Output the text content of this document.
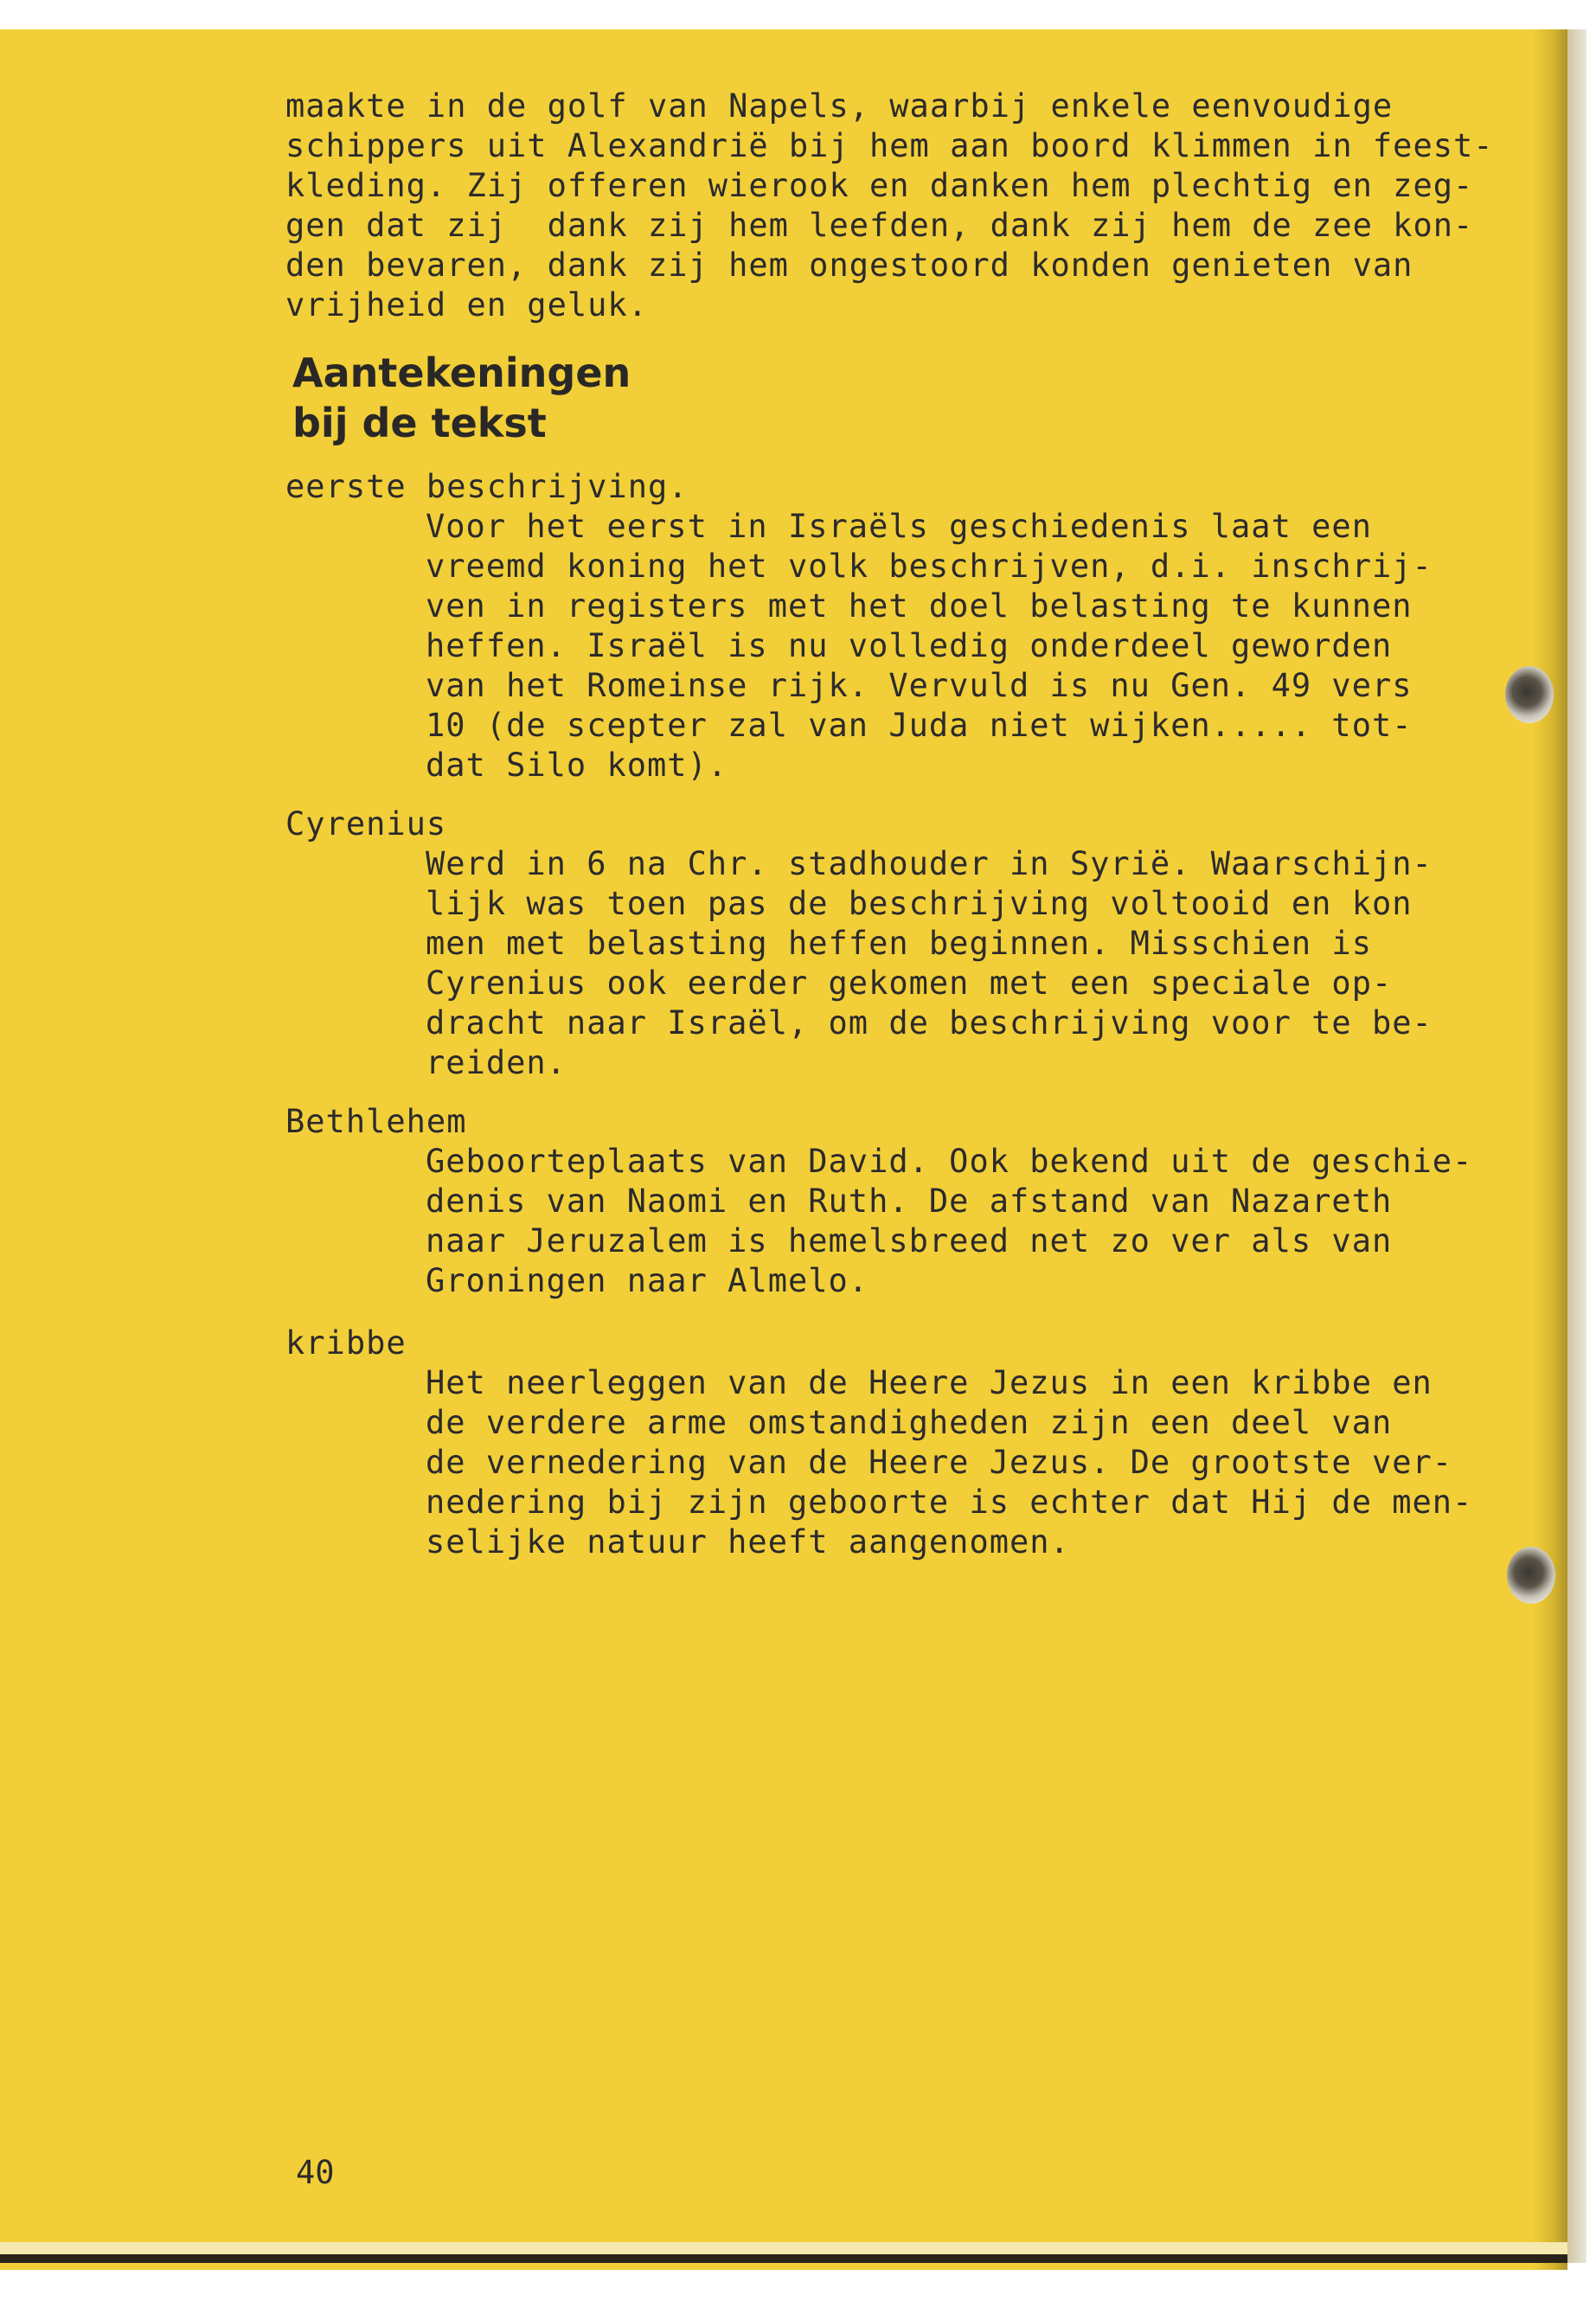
maakte in de golf van Napels, waarbij enkele eenvoudige

schippers uit Alexandrië bij hem aan boord klimmen in feest-

kleding. Zij offeren wierook en danken hem plechtig en zeg-

gen dat zij  dank zij hem leefden, dank zij hem de zee kon-

den bevaren, dank zij hem ongestoord konden genieten van

vrijheid en geluk.

Aantekeningen
bij de tekst

eerste beschrijving.

Voor het eerst in Israëls geschiedenis laat een

vreemd koning het volk beschrijven, d.i. inschrij-

ven in registers met het doel belasting te kunnen

heffen. Israël is nu volledig onderdeel geworden

van het Romeinse rijk. Vervuld is nu Gen. 49 vers

10 (de scepter zal van Juda niet wijken..... tot-

dat Silo komt).

Cyrenius

Werd in 6 na Chr. stadhouder in Syrië. Waarschijn-

lijk was toen pas de beschrijving voltooid en kon

men met belasting heffen beginnen. Misschien is

Cyrenius ook eerder gekomen met een speciale op-

dracht naar Israël, om de beschrijving voor te be-

reiden.

Bethlehem

Geboorteplaats van David. Ook bekend uit de geschie-

denis van Naomi en Ruth. De afstand van Nazareth

naar Jeruzalem is hemelsbreed net zo ver als van

Groningen naar Almelo.

kribbe

Het neerleggen van de Heere Jezus in een kribbe en

de verdere arme omstandigheden zijn een deel van

de vernedering van de Heere Jezus. De grootste ver-

nedering bij zijn geboorte is echter dat Hij de men-

selijke natuur heeft aangenomen.

40
